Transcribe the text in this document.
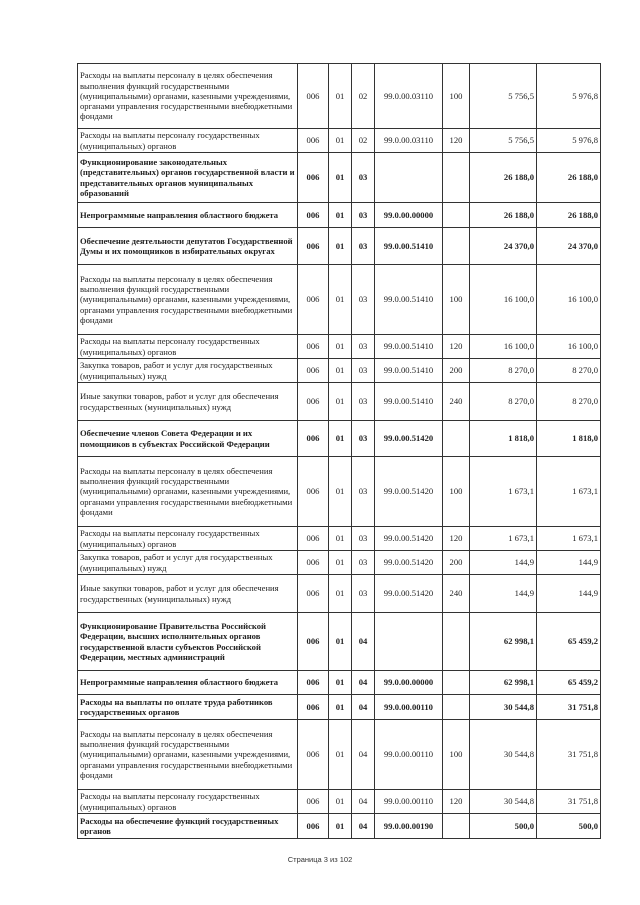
Расходы на выплаты персоналу в целях обеспечения выполнения функций государственными (муниципальными) органами, казенными учреждениями, органами управления государственными внебюджетными фондами	006	01	02	99.0.00.03110	100	5 756,5	5 976,8
Расходы на выплаты персоналу государственных (муниципальных) органов	006	01	02	99.0.00.03110	120	5 756,5	5 976,8
Функционирование законодательных (представительных) органов государственной власти и представительных органов муниципальных образований	006	01	03			26 188,0	26 188,0
Непрограммные направления областного бюджета	006	01	03	99.0.00.00000		26 188,0	26 188,0
Обеспечение деятельности депутатов Государственной Думы и их помощников в избирательных округах	006	01	03	99.0.00.51410		24 370,0	24 370,0
Расходы на выплаты персоналу в целях обеспечения выполнения функций государственными (муниципальными) органами, казенными учреждениями, органами управления государственными внебюджетными фондами	006	01	03	99.0.00.51410	100	16 100,0	16 100,0
Расходы на выплаты персоналу государственных (муниципальных) органов	006	01	03	99.0.00.51410	120	16 100,0	16 100,0
Закупка товаров, работ и услуг для государственных (муниципальных) нужд	006	01	03	99.0.00.51410	200	8 270,0	8 270,0
Иные закупки товаров, работ и услуг для обеспечения государственных (муниципальных) нужд	006	01	03	99.0.00.51410	240	8 270,0	8 270,0
Обеспечение членов Совета Федерации и их помощников в субъектах Российской Федерации	006	01	03	99.0.00.51420		1 818,0	1 818,0
Расходы на выплаты персоналу в целях обеспечения выполнения функций государственными (муниципальными) органами, казенными учреждениями, органами управления государственными внебюджетными фондами	006	01	03	99.0.00.51420	100	1 673,1	1 673,1
Расходы на выплаты персоналу государственных (муниципальных) органов	006	01	03	99.0.00.51420	120	1 673,1	1 673,1
Закупка товаров, работ и услуг для государственных (муниципальных) нужд	006	01	03	99.0.00.51420	200	144,9	144,9
Иные закупки товаров, работ и услуг для обеспечения государственных (муниципальных) нужд	006	01	03	99.0.00.51420	240	144,9	144,9
Функционирование Правительства Российской Федерации, высших исполнительных органов государственной власти субъектов Российской Федерации, местных администраций	006	01	04			62 998,1	65 459,2
Непрограммные направления областного бюджета	006	01	04	99.0.00.00000		62 998,1	65 459,2
Расходы на выплаты по оплате труда работников государственных органов	006	01	04	99.0.00.00110		30 544,8	31 751,8
Расходы на выплаты персоналу в целях обеспечения выполнения функций государственными (муниципальными) органами, казенными учреждениями, органами управления государственными внебюджетными фондами	006	01	04	99.0.00.00110	100	30 544,8	31 751,8
Расходы на выплаты персоналу государственных (муниципальных) органов	006	01	04	99.0.00.00110	120	30 544,8	31 751,8
Расходы на обеспечение функций государственных органов	006	01	04	99.0.00.00190		500,0	500,0
Страница 3 из 102
